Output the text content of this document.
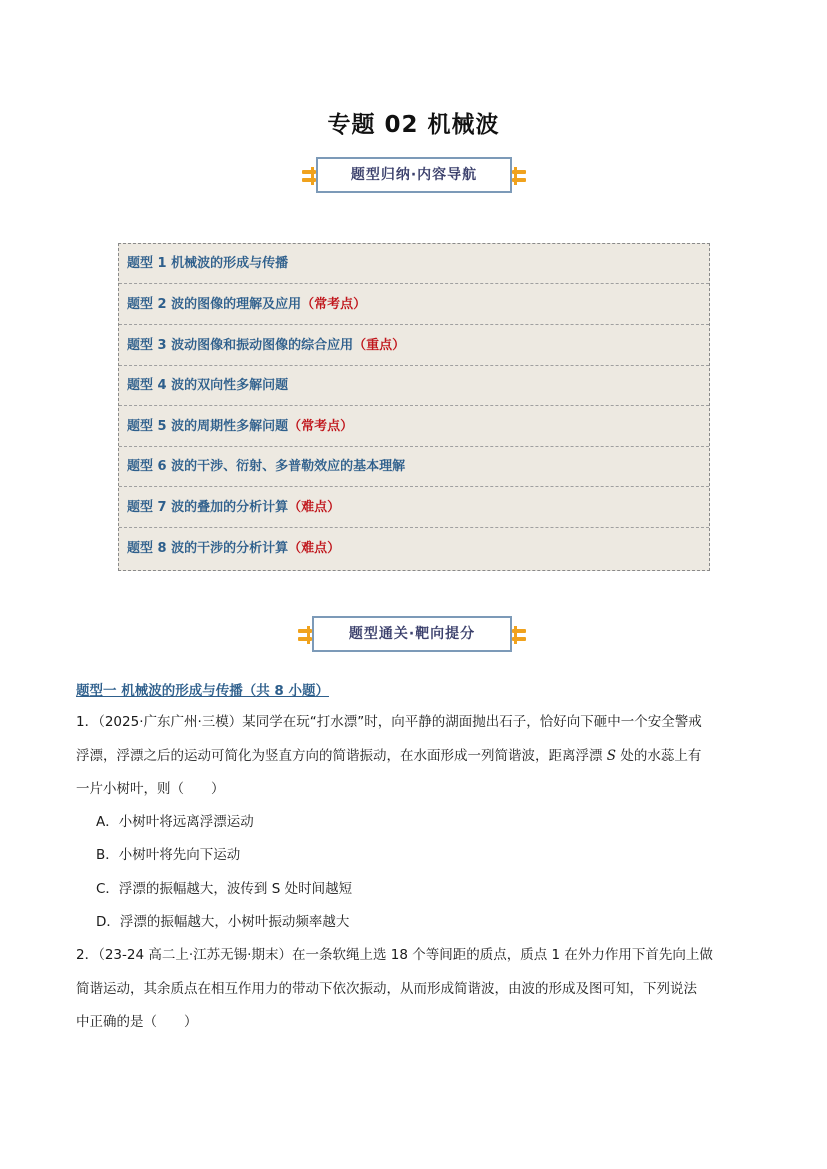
专题 02 机械波
题型归纳·内容导航
题型 1 机械波的形成与传播
题型 2 波的图像的理解及应用（常考点）
题型 3 波动图像和振动图像的综合应用（重点）
题型 4 波的双向性多解问题
题型 5 波的周期性多解问题（常考点）
题型 6 波的干涉、衍射、多普勒效应的基本理解
题型 7 波的叠加的分析计算（难点）
题型 8 波的干涉的分析计算（难点）
题型通关·靶向提分
题型一 机械波的形成与传播（共 8 小题）
1．（2025·广东广州·三模）某同学在玩“打水漂”时，向平静的湖面抛出石子，恰好向下砸中一个安全警戒
浮漂，浮漂之后的运动可简化为竖直方向的简谐振动，在水面形成一列简谐波，距离浮漂 S 处的水蕊上有
一片小树叶，则（　　）
A．小树叶将远离浮漂运动
B．小树叶将先向下运动
C．浮漂的振幅越大，波传到 S 处时间越短
D．浮漂的振幅越大，小树叶振动频率越大
2．（23-24 高二上·江苏无锡·期末）在一条软绳上选 18 个等间距的质点，质点 1 在外力作用下首先向上做
简谐运动，其余质点在相互作用力的带动下依次振动，从而形成简谐波，由波的形成及图可知，下列说法
中正确的是（　　）
